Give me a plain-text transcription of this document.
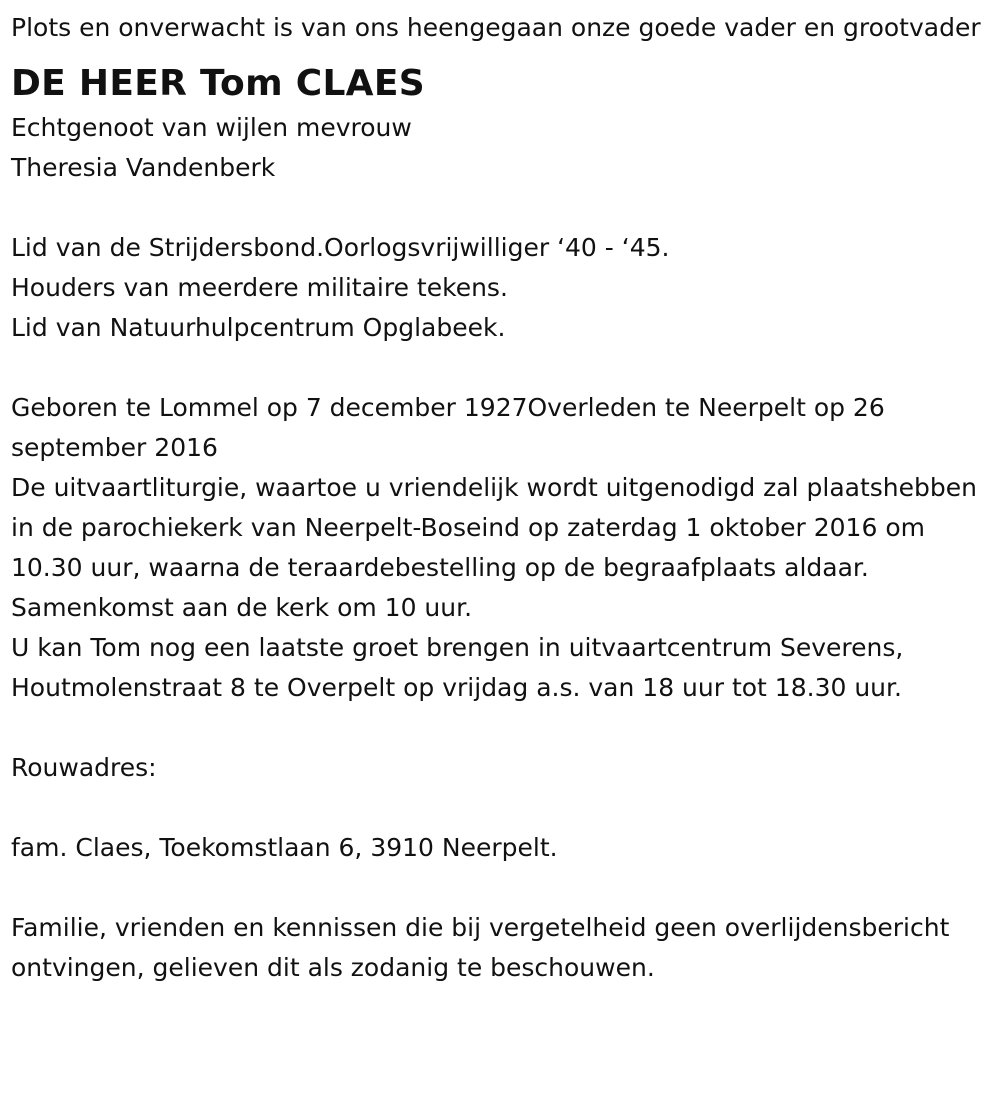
Plots en onverwacht is van ons heengegaan onze goede vader en grootvader

DE HEER Tom CLAES

Echtgenoot van wijlen mevrouw

Theresia Vandenberk

Lid van de Strijdersbond.Oorlogsvrijwilliger ‘40 - ‘45.

Houders van meerdere militaire tekens.

Lid van Natuurhulpcentrum Opglabeek.

Geboren te Lommel op 7 december 1927Overleden te Neerpelt op 26 september 2016

De uitvaartliturgie, waartoe u vriendelijk wordt uitgenodigd zal plaatshebben in de parochiekerk van Neerpelt-Boseind op zaterdag 1 oktober 2016 om 10.30 uur, waarna de teraardebestelling op de begraafplaats aldaar.

Samenkomst aan de kerk om 10 uur.

U kan Tom nog een laatste groet brengen in uitvaartcentrum Severens, Houtmolenstraat 8 te Overpelt op vrijdag a.s. van 18 uur tot 18.30 uur.

Rouwadres:

fam. Claes, Toekomstlaan 6, 3910 Neerpelt.

Familie, vrienden en kennissen die bij vergetelheid geen overlijdensbericht ontvingen, gelieven dit als zodanig te beschouwen.
